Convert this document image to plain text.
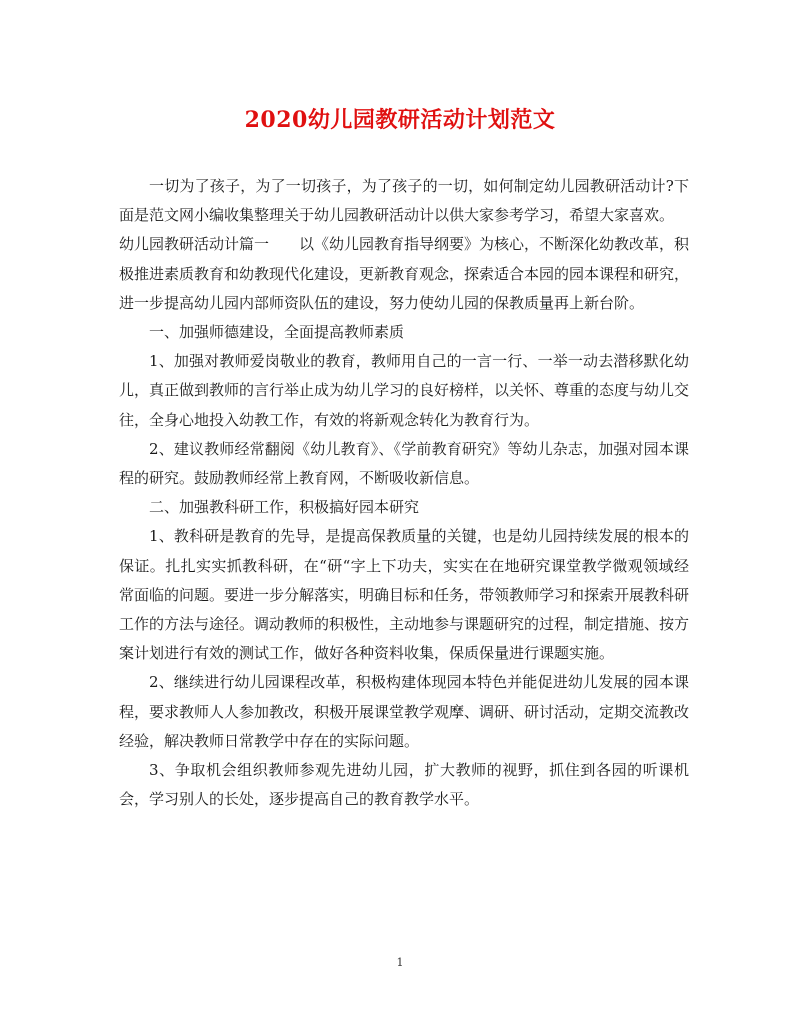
2020幼儿园教研活动计划范文

一切为了孩子，为了一切孩子，为了孩子的一切，如何制定幼儿园教研活动计?下面是范文网小编收集整理关于幼儿园教研活动计以供大家参考学习，希望大家喜欢。

幼儿园教研活动计篇一　　以《幼儿园教育指导纲要》为核心，不断深化幼教改革，积极推进素质教育和幼教现代化建设，更新教育观念，探索适合本园的园本课程和研究，进一步提高幼儿园内部师资队伍的建设，努力使幼儿园的保教质量再上新台阶。

一、加强师德建设，全面提高教师素质

1、加强对教师爱岗敬业的教育，教师用自己的一言一行、一举一动去潜移默化幼儿，真正做到教师的言行举止成为幼儿学习的良好榜样，以关怀、尊重的态度与幼儿交往，全身心地投入幼教工作，有效的将新观念转化为教育行为。

2、建议教师经常翻阅《幼儿教育》、《学前教育研究》等幼儿杂志，加强对园本课程的研究。鼓励教师经常上教育网，不断吸收新信息。

二、加强教科研工作，积极搞好园本研究

1、教科研是教育的先导，是提高保教质量的关键，也是幼儿园持续发展的根本的保证。扎扎实实抓教科研，在“研“字上下功夫，实实在在地研究课堂教学微观领域经常面临的问题。要进一步分解落实，明确目标和任务，带领教师学习和探索开展教科研工作的方法与途径。调动教师的积极性，主动地参与课题研究的过程，制定措施、按方案计划进行有效的测试工作，做好各种资料收集，保质保量进行课题实施。

2、继续进行幼儿园课程改革，积极构建体现园本特色并能促进幼儿发展的园本课程，要求教师人人参加教改，积极开展课堂教学观摩、调研、研讨活动，定期交流教改经验，解决教师日常教学中存在的实际问题。

3、争取机会组织教师参观先进幼儿园，扩大教师的视野，抓住到各园的听课机会，学习别人的长处，逐步提高自己的教育教学水平。

1
